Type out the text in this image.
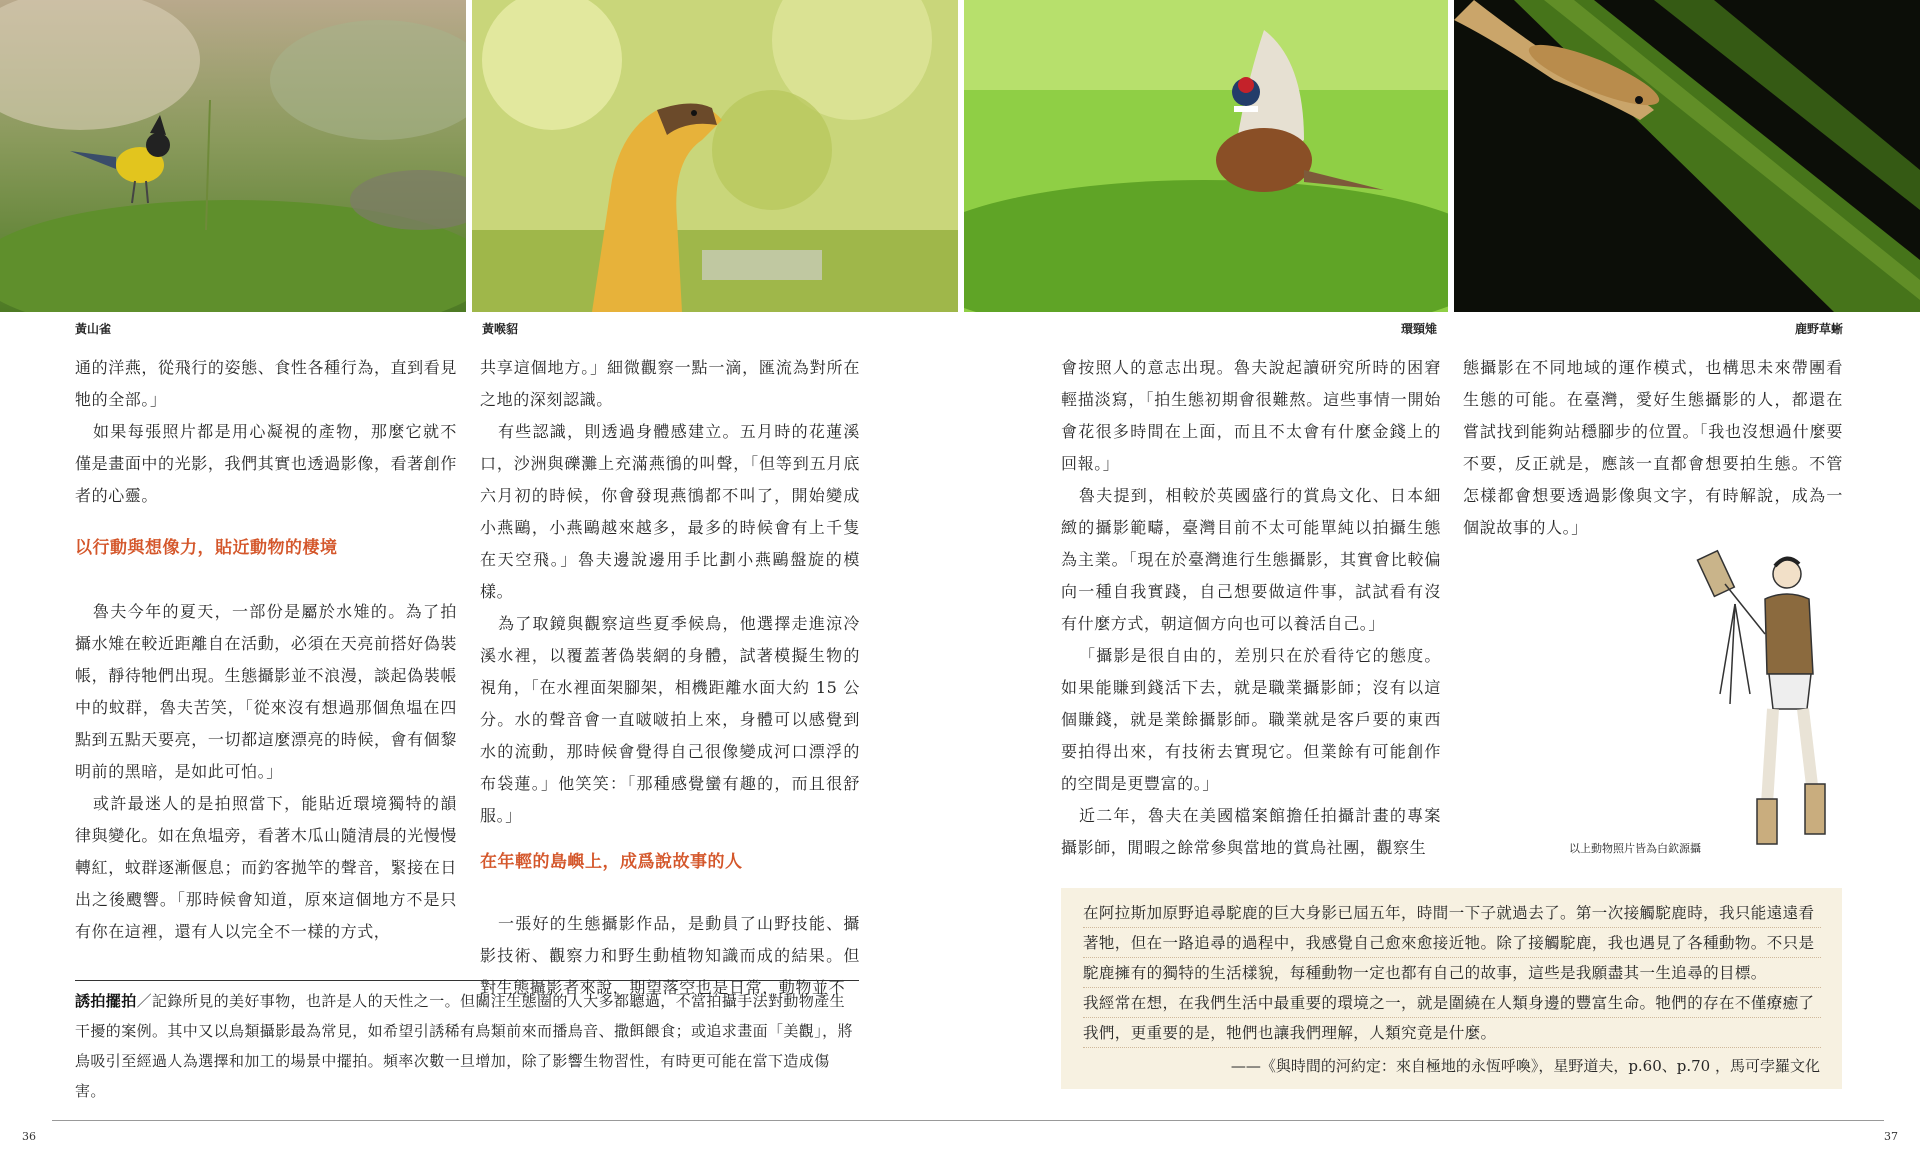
黃山雀	黃喉貂	環頸雉	鹿野草蜥

通的洋燕，從飛行的姿態、食性各種行為，直到看見牠的全部。」

如果每張照片都是用心凝視的產物，那麼它就不僅是畫面中的光影，我們其實也透過影像，看著創作者的心靈。

以行動與想像力，貼近動物的棲境

魯夫今年的夏天，一部份是屬於水雉的。為了拍攝水雉在較近距離自在活動，必須在天亮前搭好偽裝帳，靜待牠們出現。生態攝影並不浪漫，談起偽裝帳中的蚊群，魯夫苦笑，「從來沒有想過那個魚塭在四點到五點天要亮，一切都這麼漂亮的時候，會有個黎明前的黑暗，是如此可怕。」

或許最迷人的是拍照當下，能貼近環境獨特的韻律與變化。如在魚塭旁，看著木瓜山隨清晨的光慢慢轉紅，蚊群逐漸偃息；而釣客拋竿的聲音，緊接在日出之後颼響。「那時候會知道，原來這個地方不是只有你在這裡，還有人以完全不一樣的方式，

共享這個地方。」細微觀察一點一滴，匯流為對所在之地的深刻認識。

有些認識，則透過身體感建立。五月時的花蓮溪口，沙洲與礫灘上充滿燕鴴的叫聲，「但等到五月底六月初的時候，你會發現燕鴴都不叫了，開始變成小燕鷗，小燕鷗越來越多，最多的時候會有上千隻在天空飛。」魯夫邊說邊用手比劃小燕鷗盤旋的模樣。

為了取鏡與觀察這些夏季候鳥，他選擇走進涼冷溪水裡，以覆蓋著偽裝網的身體，試著模擬生物的視角，「在水裡面架腳架，相機距離水面大約 15 公分。水的聲音會一直啵啵拍上來，身體可以感覺到水的流動，那時候會覺得自己很像變成河口漂浮的布袋蓮。」他笑笑：「那種感覺蠻有趣的，而且很舒服。」

在年輕的島嶼上，成爲說故事的人

一張好的生態攝影作品，是動員了山野技能、攝影技術、觀察力和野生動植物知識而成的結果。但對生態攝影者來說，期望落空也是日常，動物並不

會按照人的意志出現。魯夫說起讀研究所時的困窘輕描淡寫，「拍生態初期會很難熬。這些事情一開始會花很多時間在上面，而且不太會有什麼金錢上的回報。」

魯夫提到，相較於英國盛行的賞鳥文化、日本細緻的攝影範疇，臺灣目前不太可能單純以拍攝生態為主業。「現在於臺灣進行生態攝影，其實會比較偏向一種自我實踐，自己想要做這件事，試試看有沒有什麼方式，朝這個方向也可以養活自己。」

「攝影是很自由的，差別只在於看待它的態度。如果能賺到錢活下去，就是職業攝影師；沒有以這個賺錢，就是業餘攝影師。職業就是客戶要的東西要拍得出來，有技術去實現它。但業餘有可能創作的空間是更豐富的。」

近二年，魯夫在美國檔案館擔任拍攝計畫的專案攝影師，閒暇之餘常參與當地的賞鳥社團，觀察生

態攝影在不同地域的運作模式，也構思未來帶團看生態的可能。在臺灣，愛好生態攝影的人，都還在嘗試找到能夠站穩腳步的位置。「我也沒想過什麼要不要，反正就是，應該一直都會想要拍生態。不管怎樣都會想要透過影像與文字，有時解說，成為一個說故事的人。」

以上動物照片皆為白欽源攝
誘拍擺拍／記錄所見的美好事物，也許是人的天性之一。但關注生態圈的人大多都聽過，不當拍攝手法對動物產生干擾的案例。其中又以鳥類攝影最為常見，如希望引誘稀有鳥類前來而播鳥音、撒餌餵食；或追求畫面「美觀」，將鳥吸引至經過人為選擇和加工的場景中擺拍。頻率次數一旦增加，除了影響生物習性，有時更可能在當下造成傷害。
在阿拉斯加原野追尋駝鹿的巨大身影已屆五年，時間一下子就過去了。第一次接觸駝鹿時，我只能遠遠看
著牠，但在一路追尋的過程中，我感覺自己愈來愈接近牠。除了接觸駝鹿，我也遇見了各種動物。不只是
駝鹿擁有的獨特的生活樣貌，每種動物一定也都有自己的故事，這些是我願盡其一生追尋的目標。
我經常在想，在我們生活中最重要的環境之一，就是圍繞在人類身邊的豐富生命。牠們的存在不僅療癒了
我們，更重要的是，牠們也讓我們理解，人類究竟是什麼。
——《與時間的河約定：來自極地的永恆呼喚》，星野道夫，p.60、p.70 ，馬可孛羅文化
36	37
